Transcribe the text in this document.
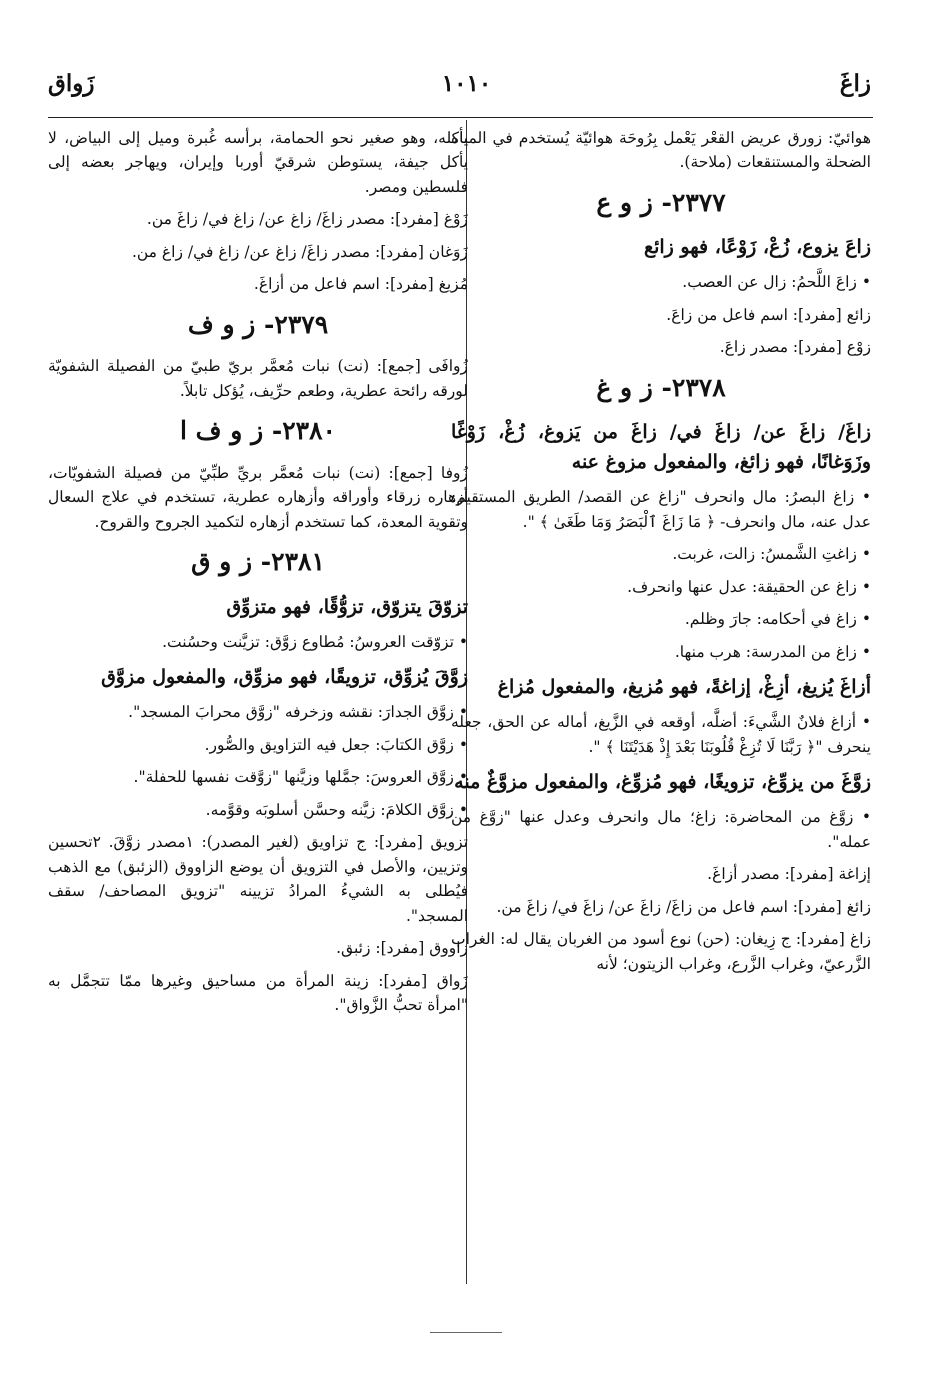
زاغَ
١٠١٠
زَواق

هوائيّ: زورق عريض القعْر يَعْمل بِرُوحَة هوائيّة يُستخدم في المياه الضحلة والمستنقعات (ملاحة).

٢٣٧٧- ز و ع
زاعَ يزوع، زُعْ، زَوْعًا، فهو زائع

• زاعَ اللَّحمُ: زال عن العصب.

زائع [مفرد]: اسم فاعل من زاعَ.

زوْع [مفرد]: مصدر زاعَ.

٢٣٧٨- ز و غ

زاغَ/ زاغَ عن/ زاغَ في/ زاغَ من يَزوغ، زُغْ، زَوْغًا وزَوَغانًا، فهو زائغ، والمفعول مزوغ عنه

• زاغ البصرُ: مال وانحرف "زاغ عن القصد/ الطريق المستقيم: عدل عنه، مال وانحرف- ﴿ مَا زَاغَ ٱلْبَصَرُ وَمَا طَغَىٰ ﴾ ".

• زاغتِ الشَّمسُ: زالت، غربت.

• زاغ عن الحقيقة: عدل عنها وانحرف.

• زاغ في أحكامه: جارَ وظلم.

• زاغ من المدرسة: هرب منها.

أزاغَ يُزيغ، أزِغْ، إزاغةً، فهو مُزيغ، والمفعول مُزاغ

• أزاغ فلانٌ الشَّيءَ: أضلَّه، أوقعه في الزَّيغ، أماله عن الحق، جعله ينحرف "﴿ رَبَّنَا لَا تُزِغْ قُلُوبَنَا بَعْدَ إِذْ هَدَيْتَنَا ﴾ ".

زوَّغَ من يزوِّغ، تزويغًا، فهو مُزوِّغ، والمفعول مزوَّغٌ منه

• زوَّغ من المحاضرة: زاغ؛ مال وانحرف وعدل عنها "زوَّغ من عمله".

إزاغة [مفرد]: مصدر أزاغَ.

زائغ [مفرد]: اسم فاعل من زاغَ/ زاغَ عن/ زاغَ في/ زاغَ من.

زاغ [مفرد]: ج زِيغان: (حن) نوع أسود من الغربان يقال له: الغراب الزَّرعيّ، وغراب الزَّرع، وغراب الزيتون؛ لأنه

يأكله، وهو صغير نحو الحمامة، برأسه غُبرة وميل إلى البياض، لا يأكل جيفة، يستوطن شرقيّ أوربا وإيران، ويهاجر بعضه إلى فلسطين ومصر.

زَوْغ [مفرد]: مصدر زاغَ/ زاغ عن/ زاغ في/ زاغَ من.

زَوَغان [مفرد]: مصدر زاغَ/ زاغ عن/ زاغ في/ زاغ من.

مُزيغ [مفرد]: اسم فاعل من أزاغَ.

٢٣٧٩- ز و ف

زُوافَى [جمع]: (نت) نبات مُعمَّر بريّ طبيّ من الفصيلة الشفويّة لورقه رائحة عطرية، وطعم حرِّيف، يُؤكل تابلاً.

٢٣٨٠- ز و ف ا

زُوفا [جمع]: (نت) نبات مُعمَّر بريِّ طبِّيّ من فصيلة الشفويّات، أزهاره زرقاء وأوراقه وأزهاره عطرية، تستخدم في علاج السعال وتقوية المعدة، كما تستخدم أزهاره لتكميد الجروح والقروح.

٢٣٨١- ز و ق
تزوّقَ يتزوّق، تزوُّقًا، فهو متزوِّق

• تزوّقت العروسُ: مُطاوع زوَّق: تزيَّنت وحسُنت.

زوَّقَ يُزوِّق، تزويقًا، فهو مزوِّق، والمفعول مزوَّق

• زوَّق الجدارَ: نقشه وزخرفه "زوَّق محرابَ المسجد".

• زوَّق الكتابَ: جعل فيه التزاويق والصُّور.

• زوَّق العروسَ: جمَّلها وزيَّنها "زوَّقت نفسها للحفلة".

• زوَّق الكلامَ: زيَّنه وحسَّن أسلوبَه وقوَّمه.

تزويق [مفرد]: ج تزاويق (لغير المصدر): ١مصدر زوَّقَ. ٢تحسين وتزيين، والأصل في التزويق أن يوضع الزاووق (الزئبق) مع الذهب فيُطلى به الشيءُ المرادُ تزيينه "تزويق المصاحف/ سقف المسجد".

زاووق [مفرد]: زئبق.

زَواق [مفرد]: زينة المرأة من مساحيق وغيرها ممّا تتجمَّل به "امرأة تحبُّ الزَّواق".
